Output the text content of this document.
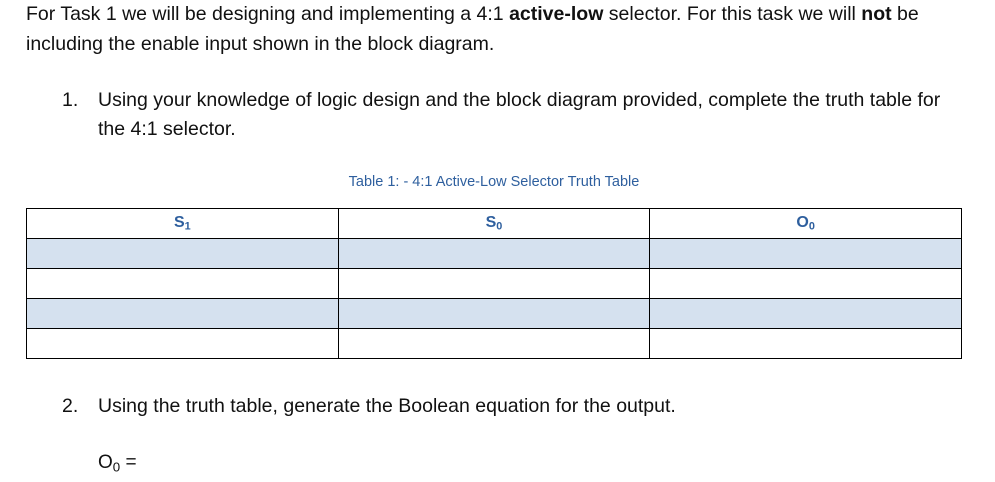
For Task 1 we will be designing and implementing a 4:1 active-low selector. For this task we will not be including the enable input shown in the block diagram.

1. Using your knowledge of logic design and the block diagram provided, complete the truth table for the 4:1 selector.

Table 1: - 4:1 Active-Low Selector Truth Table

$S_1$	$S_0$	$O_0$

2. Using the truth table, generate the Boolean equation for the output.

$O_0$ =
